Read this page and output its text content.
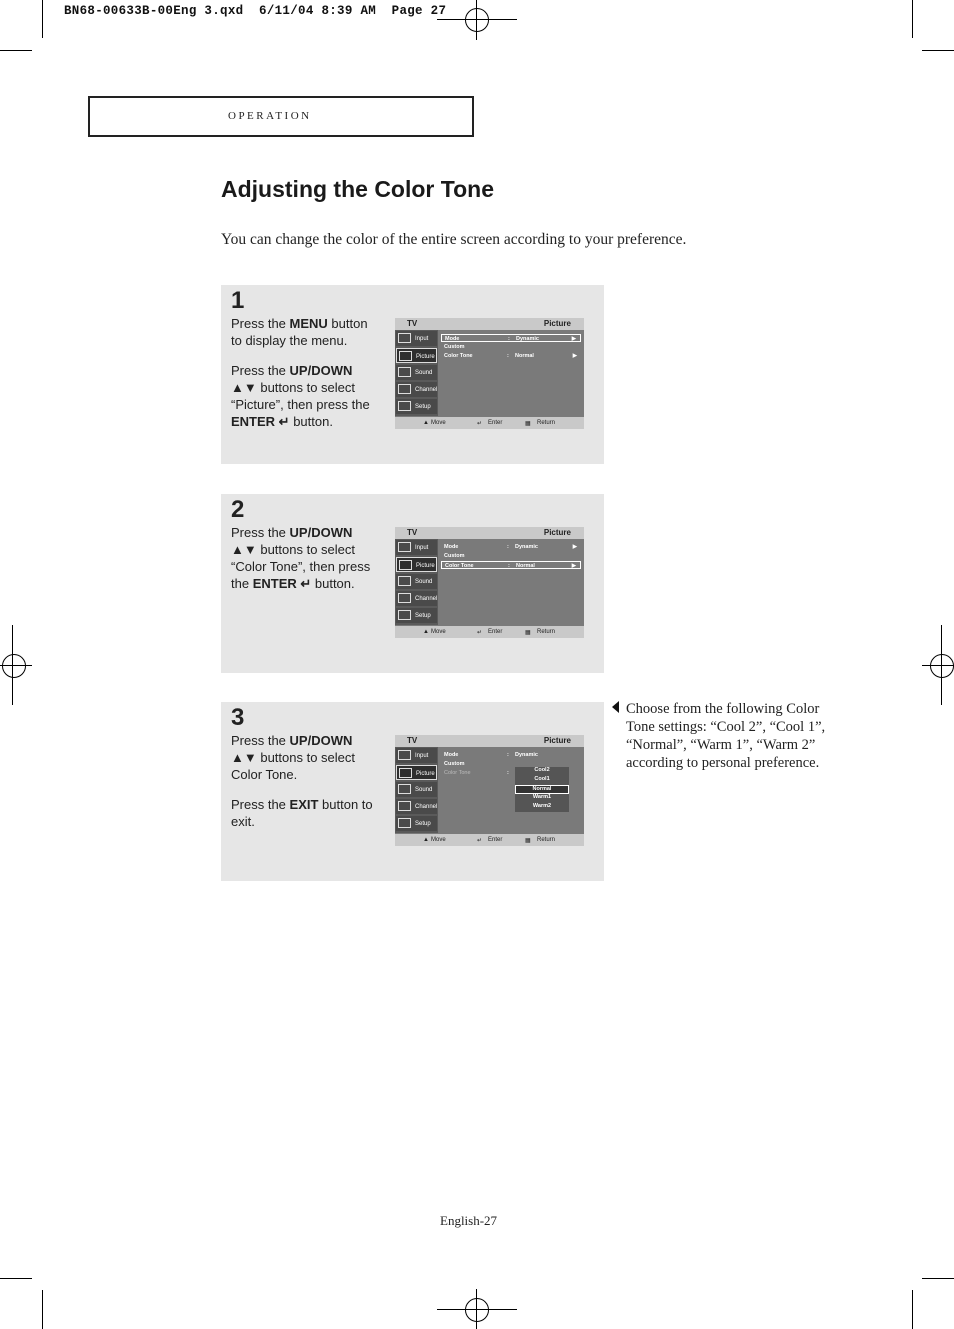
BN68-00633B-00Eng 3.qxd  6/11/04 8:39 AM  Page 27
operation
Adjusting the Color Tone
You can change the color of the entire screen according to your preference.
1

Press the MENU button to display the menu.

Press the UP/DOWN ▲▼ buttons to select “Picture”, then press the ENTER ↵ button.

TV	Picture
Input
Picture
Sound
Channel
Setup
Mode	: Dynamic	▶
Custom
Color Tone	: Normal	▶
▲ Move	↵ Enter	▦ Return
2

Press the UP/DOWN ▲▼ buttons to select “Color Tone”, then press the ENTER ↵ button.

TV	Picture
Input
Picture
Sound
Channel
Setup
Mode	: Dynamic	▶
Custom
Color Tone	: Normal	▶
▲ Move	↵ Enter	▦ Return
3

Press the UP/DOWN ▲▼ buttons to select Color Tone.

Press the EXIT button to exit.

TV	Picture
Input
Picture
Sound
Channel
Setup
Mode	: Dynamic
Custom
Color Tone	:	Cool2
Cool1
Normal
Warm1
Warm2
▲ Move	↵ Enter	▦ Return
Choose from the following Color Tone settings: “Cool 2”, “Cool 1”, “Normal”, “Warm 1”, “Warm 2” according to personal preference.
English-27
